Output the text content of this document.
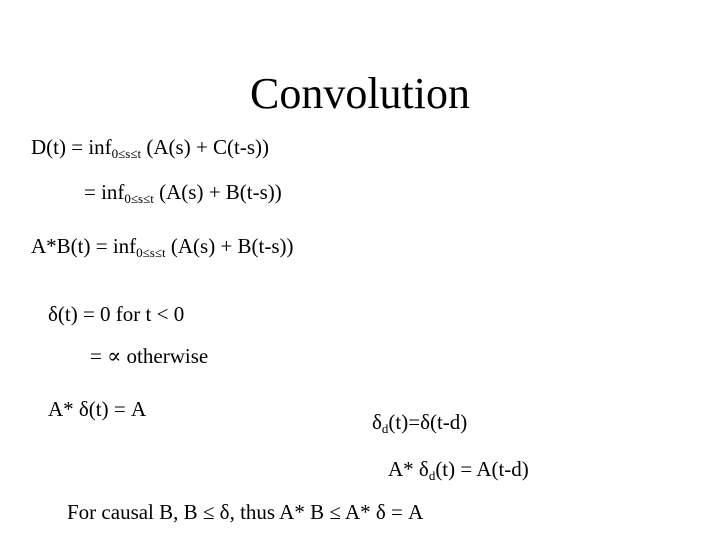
Convolution
D(t) = inf$_{0\le s\le t}$ (A(s) + C(t-s))
= inf$_{0\le s\le t}$ (A(s) + B(t-s))
A*B(t) = inf$_{0\le s\le t}$ (A(s) + B(t-s))
δ(t) = 0 for t < 0
= ∝ otherwise
A* δ(t) = A
$\delta_d(t)=\delta(t-d)$
A* $\delta_d(t) = A(t-d)$
For causal B, B ≤ δ, thus A* B ≤ A* δ = A
